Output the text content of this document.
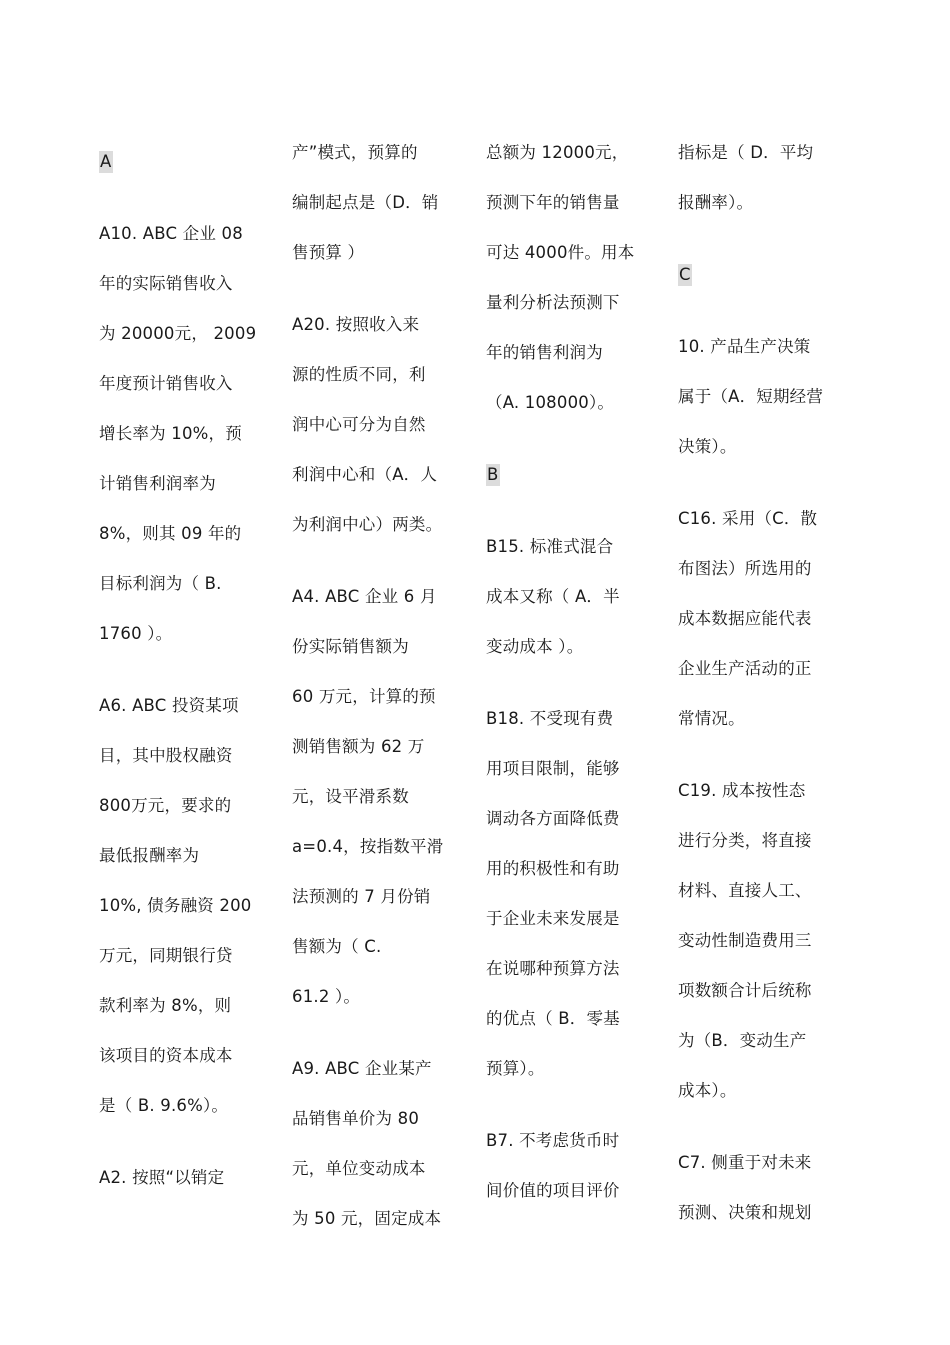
A
A10. ABC 企业 08
年的实际销售收入
为 20000元， 2009
年度预计销售收入
增长率为 10%，预
计销售利润率为
8%，则其 09 年的
目标利润为（ B.
1760 ）。
A6. ABC 投资某项
目，其中股权融资
800万元，要求的
最低报酬率为
10%, 债务融资 200
万元，同期银行贷
款利率为 8%，则
该项目的资本成本
是（ B. 9.6%）。
A2. 按照“以销定
产”模式，预算的
编制起点是（D．销
售预算 ）
A20. 按照收入来
源的性质不同，利
润中心可分为自然
利润中心和（A．人
为利润中心）两类。
A4. ABC 企业 6 月
份实际销售额为
60 万元，计算的预
测销售额为 62 万
元，设平滑系数
a=0.4，按指数平滑
法预测的 7 月份销
售额为（ C.
61.2 ）。
A9. ABC 企业某产
品销售单价为 80
元，单位变动成本
为 50 元，固定成本
总额为 12000元，
预测下年的销售量
可达 4000件。用本
量利分析法预测下
年的销售利润为
（A. 108000）。
B
B15. 标准式混合
成本又称（ A．半
变动成本 ）。
B18. 不受现有费
用项目限制，能够
调动各方面降低费
用的积极性和有助
于企业未来发展是
在说哪种预算方法
的优点（ B．零基
预算）。
B7. 不考虑货币时
间价值的项目评价
指标是（ D．平均
报酬率）。
C
10. 产品生产决策
属于（A．短期经营
决策）。
C16. 采用（C．散
布图法）所选用的
成本数据应能代表
企业生产活动的正
常情况。
C19. 成本按性态
进行分类，将直接
材料、直接人工、
变动性制造费用三
项数额合计后统称
为（B．变动生产
成本）。
C7. 侧重于对未来
预测、决策和规划
